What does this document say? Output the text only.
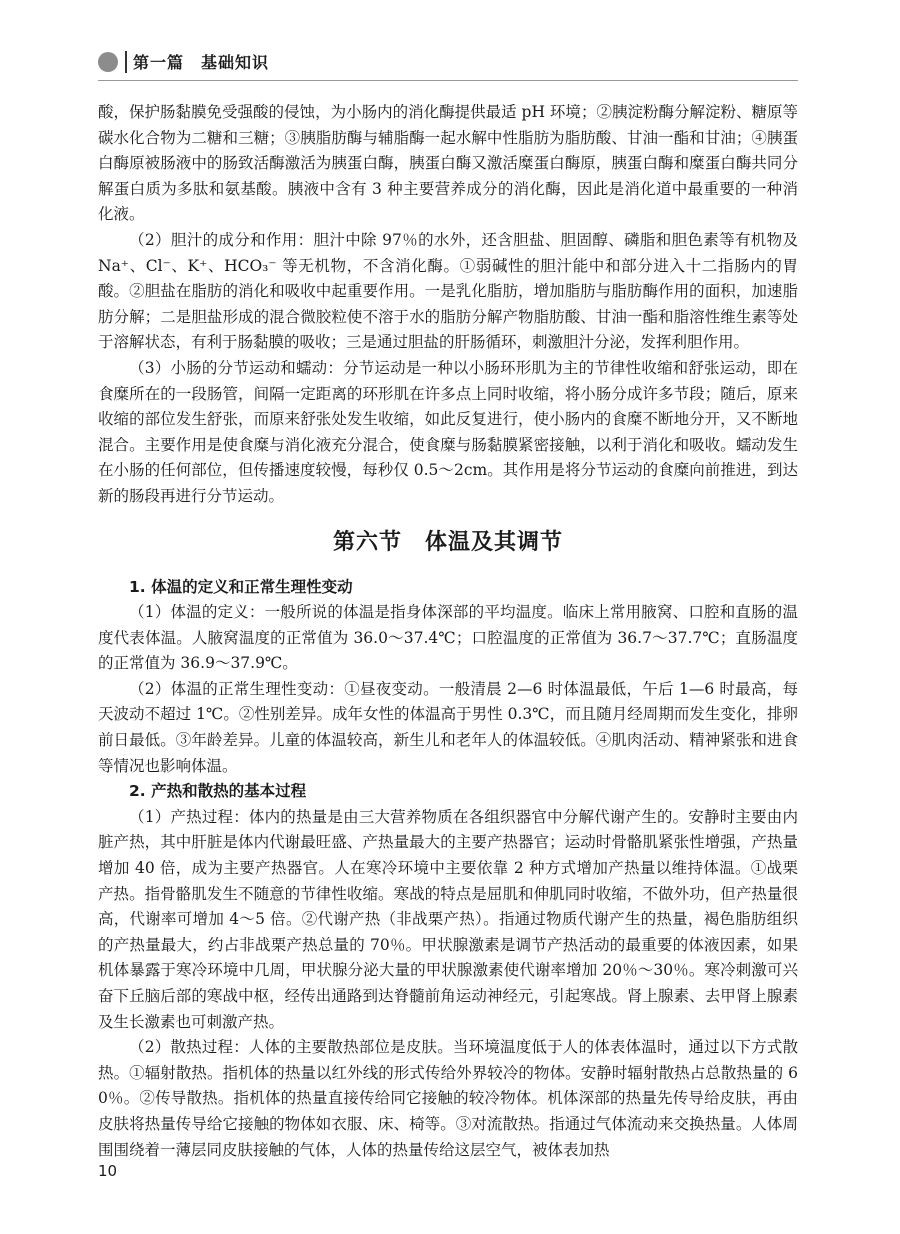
第一篇　基础知识

酸，保护肠黏膜免受强酸的侵蚀，为小肠内的消化酶提供最适 pH 环境；②胰淀粉酶分解淀粉、糖原等碳水化合物为二糖和三糖；③胰脂肪酶与辅脂酶一起水解中性脂肪为脂肪酸、甘油一酯和甘油；④胰蛋白酶原被肠液中的肠致活酶激活为胰蛋白酶，胰蛋白酶又激活糜蛋白酶原，胰蛋白酶和糜蛋白酶共同分解蛋白质为多肽和氨基酸。胰液中含有 3 种主要营养成分的消化酶，因此是消化道中最重要的一种消化液。

（2）胆汁的成分和作用：胆汁中除 97％的水外，还含胆盐、胆固醇、磷脂和胆色素等有机物及 Na⁺、Cl⁻、K⁺、HCO₃⁻ 等无机物，不含消化酶。①弱碱性的胆汁能中和部分进入十二指肠内的胃酸。②胆盐在脂肪的消化和吸收中起重要作用。一是乳化脂肪，增加脂肪与脂肪酶作用的面积，加速脂肪分解；二是胆盐形成的混合微胶粒使不溶于水的脂肪分解产物脂肪酸、甘油一酯和脂溶性维生素等处于溶解状态，有利于肠黏膜的吸收；三是通过胆盐的肝肠循环，刺激胆汁分泌，发挥利胆作用。

（3）小肠的分节运动和蠕动：分节运动是一种以小肠环形肌为主的节律性收缩和舒张运动，即在食糜所在的一段肠管，间隔一定距离的环形肌在许多点上同时收缩，将小肠分成许多节段；随后，原来收缩的部位发生舒张，而原来舒张处发生收缩，如此反复进行，使小肠内的食糜不断地分开，又不断地混合。主要作用是使食糜与消化液充分混合，使食糜与肠黏膜紧密接触，以利于消化和吸收。蠕动发生在小肠的任何部位，但传播速度较慢，每秒仅 0.5～2cm。其作用是将分节运动的食糜向前推进，到达新的肠段再进行分节运动。

第六节　体温及其调节

1. 体温的定义和正常生理性变动

（1）体温的定义：一般所说的体温是指身体深部的平均温度。临床上常用腋窝、口腔和直肠的温度代表体温。人腋窝温度的正常值为 36.0～37.4℃；口腔温度的正常值为 36.7～37.7℃；直肠温度的正常值为 36.9～37.9℃。

（2）体温的正常生理性变动：①昼夜变动。一般清晨 2—6 时体温最低，午后 1—6 时最高，每天波动不超过 1℃。②性别差异。成年女性的体温高于男性 0.3℃，而且随月经周期而发生变化，排卵前日最低。③年龄差异。儿童的体温较高，新生儿和老年人的体温较低。④肌肉活动、精神紧张和进食等情况也影响体温。

2. 产热和散热的基本过程

（1）产热过程：体内的热量是由三大营养物质在各组织器官中分解代谢产生的。安静时主要由内脏产热，其中肝脏是体内代谢最旺盛、产热量最大的主要产热器官；运动时骨骼肌紧张性增强，产热量增加 40 倍，成为主要产热器官。人在寒冷环境中主要依靠 2 种方式增加产热量以维持体温。①战栗产热。指骨骼肌发生不随意的节律性收缩。寒战的特点是屈肌和伸肌同时收缩，不做外功，但产热量很高，代谢率可增加 4～5 倍。②代谢产热（非战栗产热）。指通过物质代谢产生的热量，褐色脂肪组织的产热量最大，约占非战栗产热总量的 70％。甲状腺激素是调节产热活动的最重要的体液因素，如果机体暴露于寒冷环境中几周，甲状腺分泌大量的甲状腺激素使代谢率增加 20％～30％。寒冷刺激可兴奋下丘脑后部的寒战中枢，经传出通路到达脊髓前角运动神经元，引起寒战。肾上腺素、去甲肾上腺素及生长激素也可刺激产热。

（2）散热过程：人体的主要散热部位是皮肤。当环境温度低于人的体表体温时，通过以下方式散热。①辐射散热。指机体的热量以红外线的形式传给外界较冷的物体。安静时辐射散热占总散热量的 60％。②传导散热。指机体的热量直接传给同它接触的较冷物体。机体深部的热量先传导给皮肤，再由皮肤将热量传导给它接触的物体如衣服、床、椅等。③对流散热。指通过气体流动来交换热量。人体周围围绕着一薄层同皮肤接触的气体，人体的热量传给这层空气，被体表加热

10
